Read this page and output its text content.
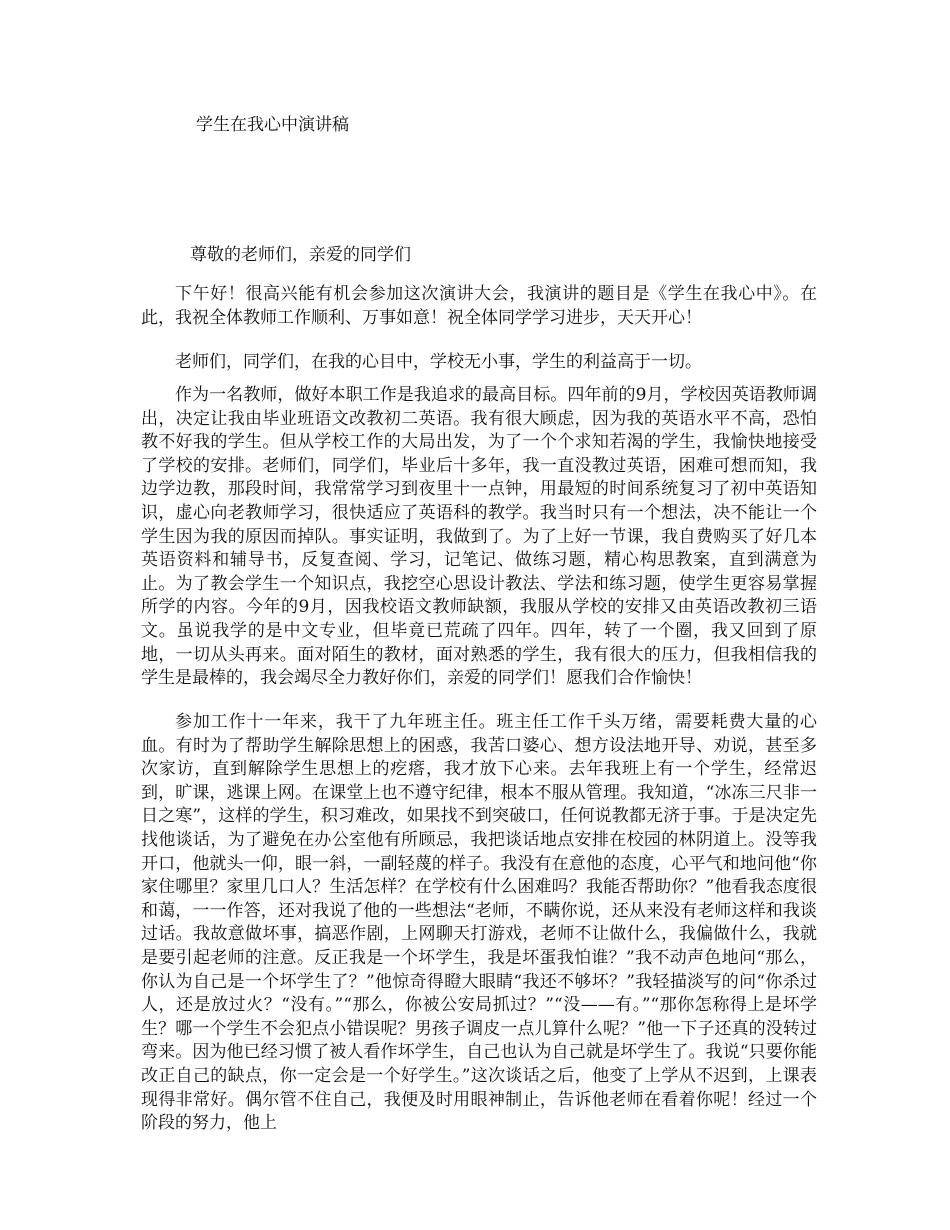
学生在我心中演讲稿

尊敬的老师们，亲爱的同学们

下午好！很高兴能有机会参加这次演讲大会，我演讲的题目是《学生在我心中》。在此，我祝全体教师工作顺利、万事如意！祝全体同学学习进步，天天开心！

老师们，同学们，在我的心目中，学校无小事，学生的利益高于一切。

作为一名教师，做好本职工作是我追求的最高目标。四年前的9月，学校因英语教师调出，决定让我由毕业班语文改教初二英语。我有很大顾虑，因为我的英语水平不高，恐怕教不好我的学生。但从学校工作的大局出发，为了一个个求知若渴的学生，我愉快地接受了学校的安排。老师们，同学们，毕业后十多年，我一直没教过英语，困难可想而知，我边学边教，那段时间，我常常学习到夜里十一点钟，用最短的时间系统复习了初中英语知识，虚心向老教师学习，很快适应了英语科的教学。我当时只有一个想法，决不能让一个学生因为我的原因而掉队。事实证明，我做到了。为了上好一节课，我自费购买了好几本英语资料和辅导书，反复查阅、学习，记笔记、做练习题，精心构思教案，直到满意为止。为了教会学生一个知识点，我挖空心思设计教法、学法和练习题，使学生更容易掌握所学的内容。今年的9月，因我校语文教师缺额，我服从学校的安排又由英语改教初三语文。虽说我学的是中文专业，但毕竟已荒疏了四年。四年，转了一个圈，我又回到了原地，一切从头再来。面对陌生的教材，面对熟悉的学生，我有很大的压力，但我相信我的学生是最棒的，我会竭尽全力教好你们，亲爱的同学们！愿我们合作愉快！

参加工作十一年来，我干了九年班主任。班主任工作千头万绪，需要耗费大量的心血。有时为了帮助学生解除思想上的困惑，我苦口婆心、想方设法地开导、劝说，甚至多次家访，直到解除学生思想上的疙瘩，我才放下心来。去年我班上有一个学生，经常迟到，旷课，逃课上网。在课堂上也不遵守纪律，根本不服从管理。我知道，“冰冻三尺非一日之寒”，这样的学生，积习难改，如果找不到突破口，任何说教都无济于事。于是决定先找他谈话，为了避免在办公室他有所顾忌，我把谈话地点安排在校园的林阴道上。没等我开口，他就头一仰，眼一斜，一副轻蔑的样子。我没有在意他的态度，心平气和地问他“你家住哪里？家里几口人？生活怎样？在学校有什么困难吗？我能否帮助你？”他看我态度很和蔼，一一作答，还对我说了他的一些想法“老师，不瞒你说，还从来没有老师这样和我谈过话。我故意做坏事，搞恶作剧，上网聊天打游戏，老师不让做什么，我偏做什么，我就是要引起老师的注意。反正我是一个坏学生，我是坏蛋我怕谁？”我不动声色地问“那么，你认为自己是一个坏学生了？”他惊奇得瞪大眼睛“我还不够坏？”我轻描淡写的问“你杀过人，还是放过火？“没有。”“那么，你被公安局抓过？”“没——有。”“那你怎称得上是坏学生？哪一个学生不会犯点小错误呢？男孩子调皮一点儿算什么呢？”他一下子还真的没转过弯来。因为他已经习惯了被人看作坏学生，自己也认为自己就是坏学生了。我说“只要你能改正自己的缺点，你一定会是一个好学生。”这次谈话之后，他变了上学从不迟到，上课表现得非常好。偶尔管不住自己，我便及时用眼神制止，告诉他老师在看着你呢！经过一个阶段的努力，他上
